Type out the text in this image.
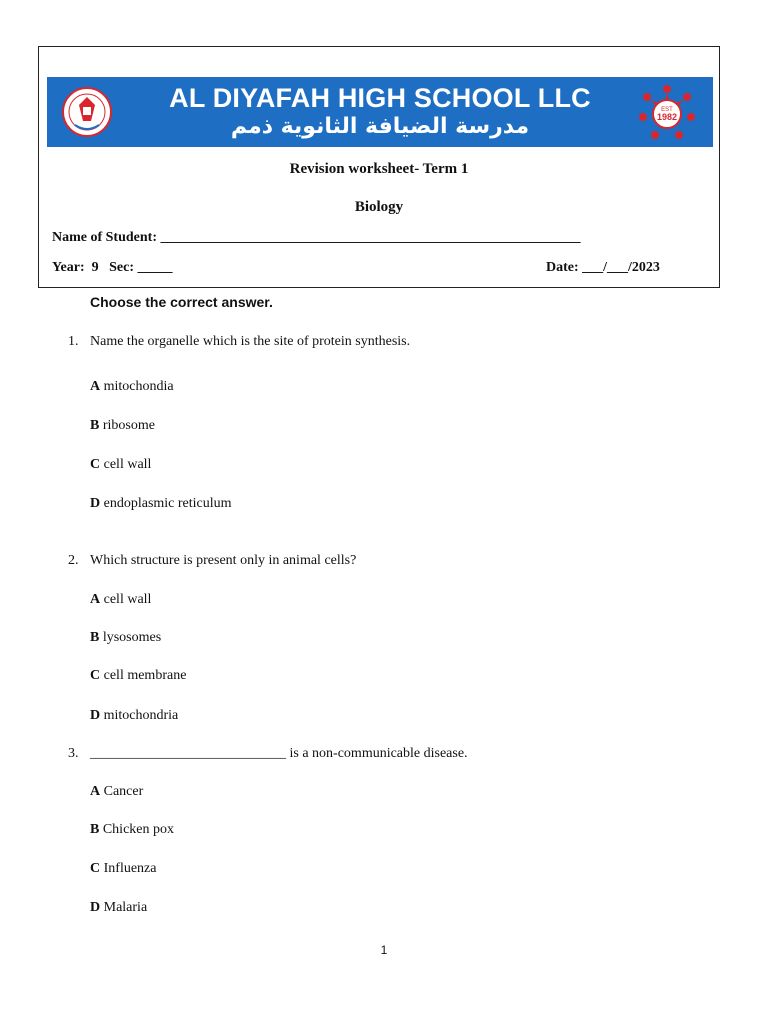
AL DIYAFAH HIGH SCHOOL LLC
مدرسة الضيافة الثانوية ذمم
EST
1982
Revision worksheet- Term 1
Biology
Name of Student: ____________________________________________________________
Year:  9   Sec: _____	Date: ___/___/2023
Choose the correct answer.
1. Name the organelle which is the site of protein synthesis.
A mitochondia
B ribosome
C cell wall
D endoplasmic reticulum
2. Which structure is present only in animal cells?
A cell wall
B lysosomes
C cell membrane
D mitochondria
3. ____________________________ is a non-communicable disease.
A Cancer
B Chicken pox
C Influenza
D Malaria
1
